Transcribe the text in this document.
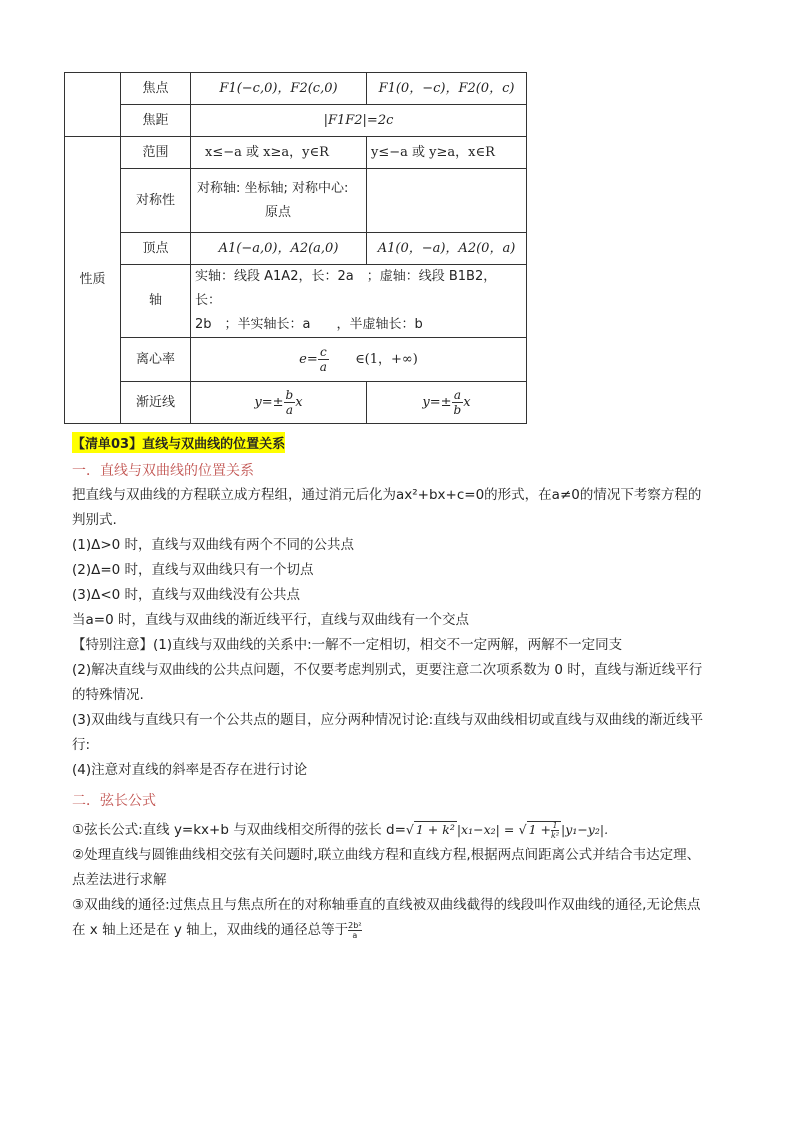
	焦点	F1(−c,0)，F2(c,0)	F1(0，−c)，F2(0，c)
	焦距	|F1F2|=2c	
性质	范围	x≤−a 或 x≥a，y∈R	y≤−a 或 y≥a，x∈R
	对称性	对称轴: 坐标轴; 对称中心:
原点	

	顶点	A1(−a,0)，A2(a,0)	A1(0，−a)，A2(0，a)
	轴	实轴：线段 A1A2，长：2a　；虚轴：线段 B1B2，长：
2b　；半实轴长：a　　，半虚轴长：b	

	离心率	$e= \frac{c}{a}$ ∈(1，+∞)	
	渐近线	$y=\pm \frac{b}{a}$ x	$y=\pm \frac{a}{b}$ x
【清单03】直线与双曲线的位置关系
一．直线与双曲线的位置关系

把直线与双曲线的方程联立成方程组，通过消元后化为ax²+bx+c=0的形式，在a≠0的情况下考察方程的

判别式.

(1)Δ>0 时，直线与双曲线有两个不同的公共点

(2)Δ=0 时，直线与双曲线只有一个切点

(3)Δ<0 时，直线与双曲线没有公共点

当a=0 时，直线与双曲线的渐近线平行，直线与双曲线有一个交点

【特别注意】(1)直线与双曲线的关系中:一解不一定相切，相交不一定两解，两解不一定同支

(2)解决直线与双曲线的公共点问题，不仅要考虑判别式，更要注意二次项系数为 0 时，直线与渐近线平行

的特殊情况.

(3)双曲线与直线只有一个公共点的题目，应分两种情况讨论:直线与双曲线相切或直线与双曲线的渐近线平

行:

(4)注意对直线的斜率是否存在进行讨论

二．弦长公式

①弦长公式:直线 y=kx+b 与双曲线相交所得的弦长 d=√ 1 + k² |x₁−x₂| = √ $1 + \frac{1}{\text{k²}} |y_1-y_2|$.

②处理直线与圆锥曲线相交弦有关问题时,联立曲线方程和直线方程,根据两点间距离公式并结合韦达定理、

点差法进行求解

③双曲线的通径:过焦点且与焦点所在的对称轴垂直的直线被双曲线截得的线段叫作双曲线的通径,无论焦点

在 x 轴上还是在 y 轴上，双曲线的通径总等于 $\frac{\text{2b²}}{a}$
